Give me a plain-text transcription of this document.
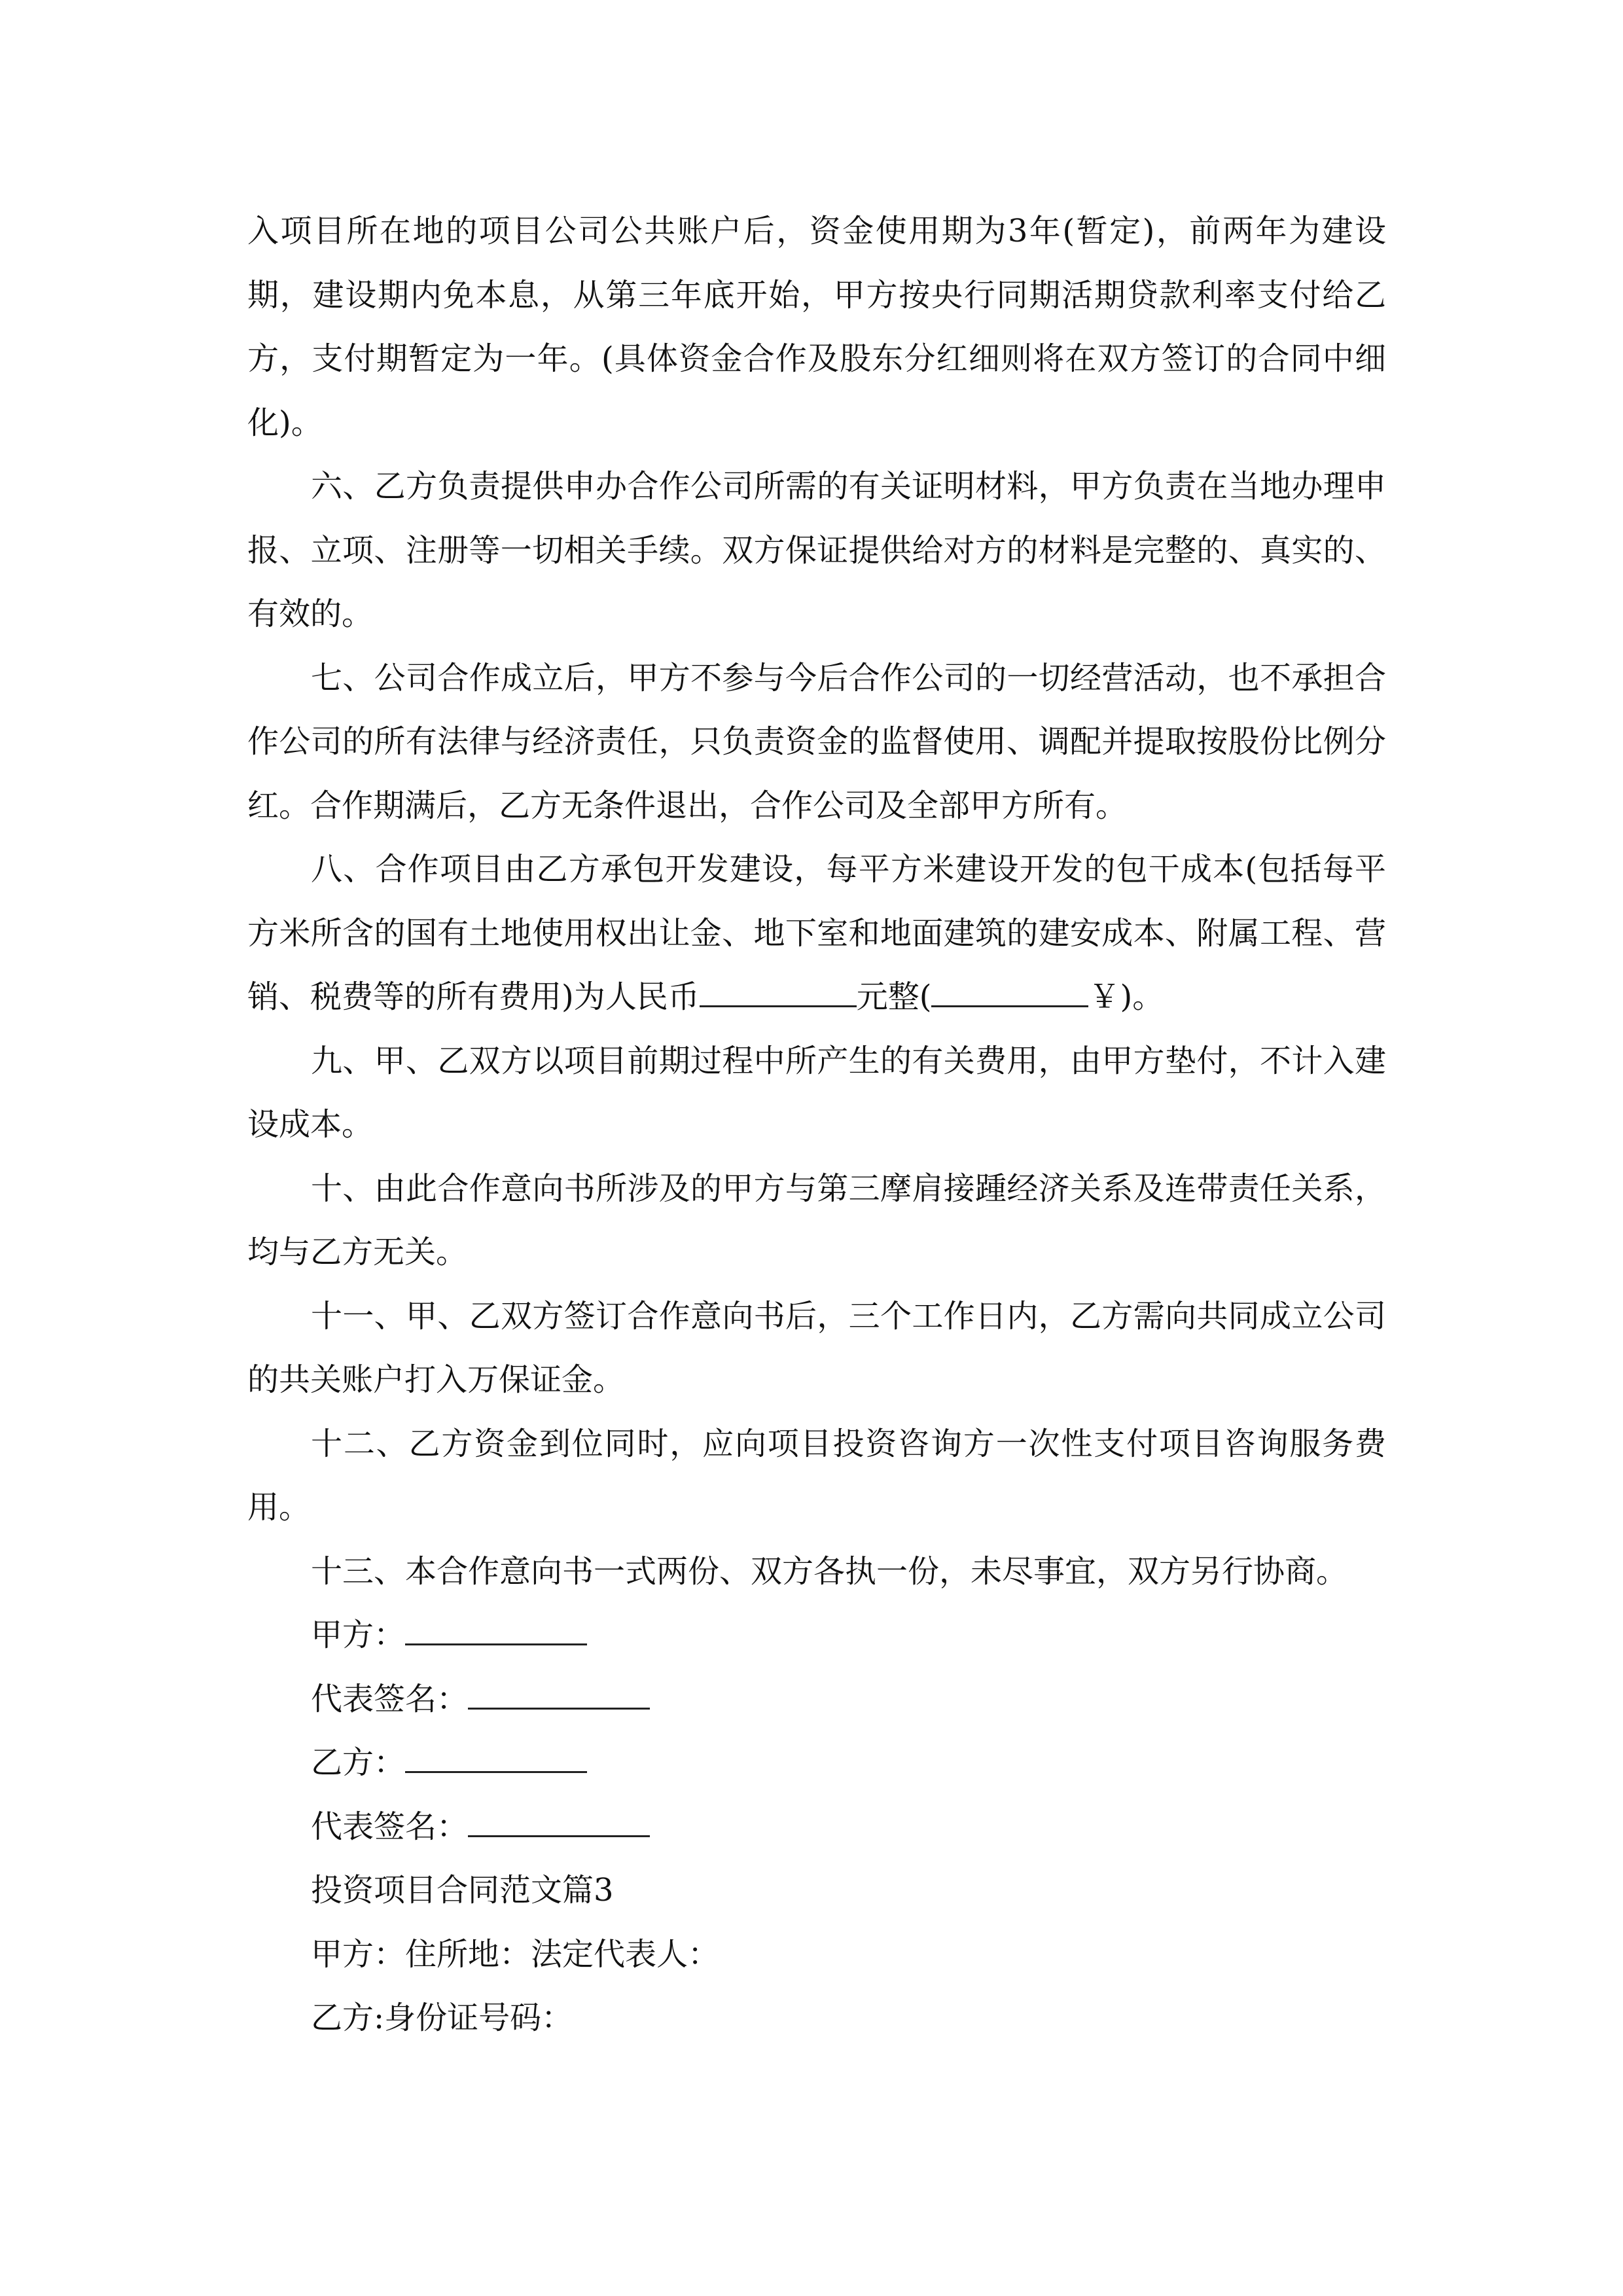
入项目所在地的项目公司公共账户后，资金使用期为3年(暂定)，前两年为建设期，建设期内免本息，从第三年底开始，甲方按央行同期活期贷款利率支付给乙方，支付期暂定为一年。(具体资金合作及股东分红细则将在双方签订的合同中细化)。

六、乙方负责提供申办合作公司所需的有关证明材料，甲方负责在当地办理申报、立项、注册等一切相关手续。双方保证提供给对方的材料是完整的、真实的、有效的。

七、公司合作成立后，甲方不参与今后合作公司的一切经营活动，也不承担合作公司的所有法律与经济责任，只负责资金的监督使用、调配并提取按股份比例分红。合作期满后，乙方无条件退出，合作公司及全部甲方所有。

八、合作项目由乙方承包开发建设，每平方米建设开发的包干成本(包括每平方米所含的国有土地使用权出让金、地下室和地面建筑的建安成本、附属工程、营销、税费等的所有费用)为人民币	元整(	￥)。

九、甲、乙双方以项目前期过程中所产生的有关费用，由甲方垫付，不计入建设成本。

十、由此合作意向书所涉及的甲方与第三摩肩接踵经济关系及连带责任关系，均与乙方无关。

十一、甲、乙双方签订合作意向书后，三个工作日内，乙方需向共同成立公司的共关账户打入万保证金。

十二、乙方资金到位同时，应向项目投资咨询方一次性支付项目咨询服务费用。

十三、本合作意向书一式两份、双方各执一份，未尽事宜，双方另行协商。

甲方：

代表签名：

乙方：

代表签名：

投资项目合同范文篇3

甲方：住所地：法定代表人：

乙方:身份证号码：
